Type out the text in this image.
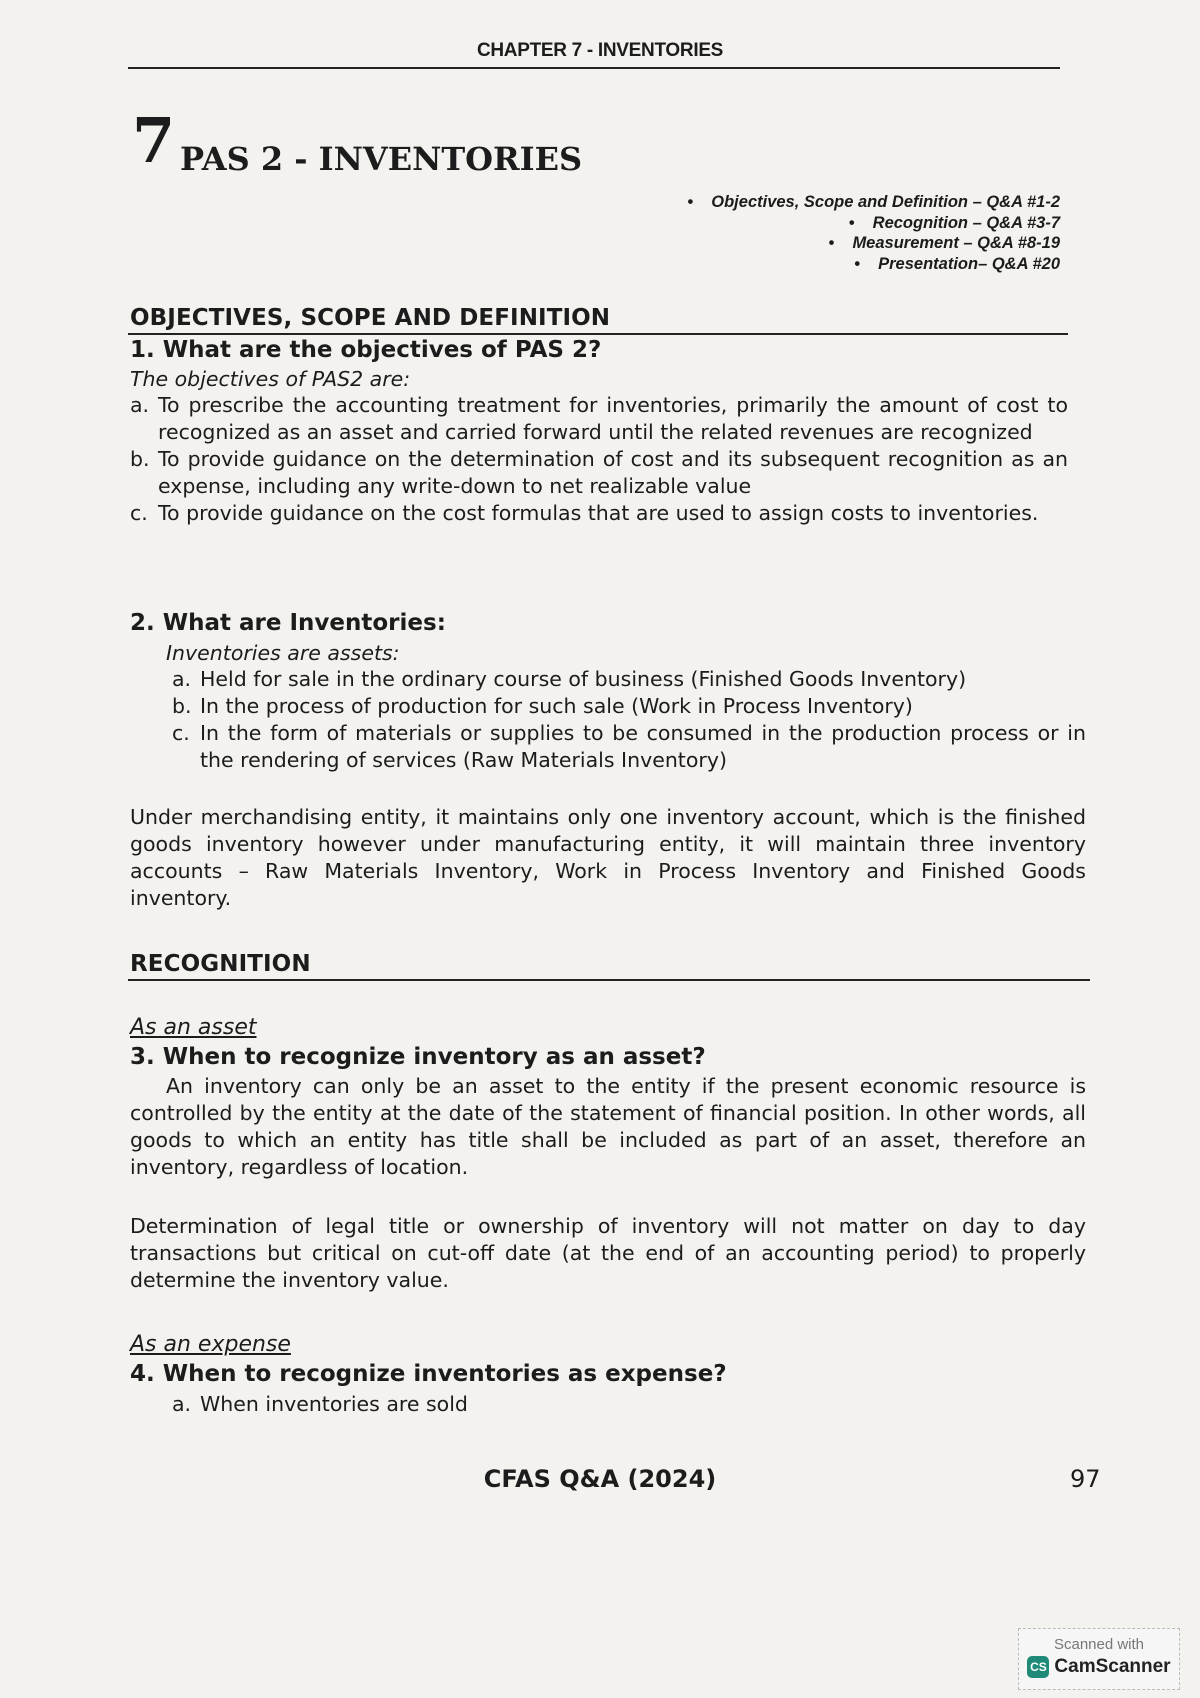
CHAPTER 7 - INVENTORIES
7 PAS 2 - INVENTORIES
• Objectives, Scope and Definition – Q&A #1-2
• Recognition – Q&A #3-7
• Measurement – Q&A #8-19
• Presentation– Q&A #20
OBJECTIVES, SCOPE AND DEFINITION
1. What are the objectives of PAS 2?
The objectives of PAS2 are:
a. To prescribe the accounting treatment for inventories, primarily the amount of cost to recognized as an asset and carried forward until the related revenues are recognized
b. To provide guidance on the determination of cost and its subsequent recognition as an expense, including any write-down to net realizable value
c. To provide guidance on the cost formulas that are used to assign costs to inventories.
2. What are Inventories:
Inventories are assets:
a. Held for sale in the ordinary course of business (Finished Goods Inventory)
b. In the process of production for such sale (Work in Process Inventory)
c. In the form of materials or supplies to be consumed in the production process or in the rendering of services (Raw Materials Inventory)
Under merchandising entity, it maintains only one inventory account, which is the finished goods inventory however under manufacturing entity, it will maintain three inventory accounts – Raw Materials Inventory, Work in Process Inventory and Finished Goods inventory.
RECOGNITION
As an asset
3. When to recognize inventory as an asset?
An inventory can only be an asset to the entity if the present economic resource is controlled by the entity at the date of the statement of financial position. In other words, all goods to which an entity has title shall be included as part of an asset, therefore an inventory, regardless of location.
Determination of legal title or ownership of inventory will not matter on day to day transactions but critical on cut-off date (at the end of an accounting period) to properly determine the inventory value.
As an expense
4. When to recognize inventories as expense?
a. When inventories are sold
CFAS Q&A (2024)	97
Scanned with
CS CamScanner
